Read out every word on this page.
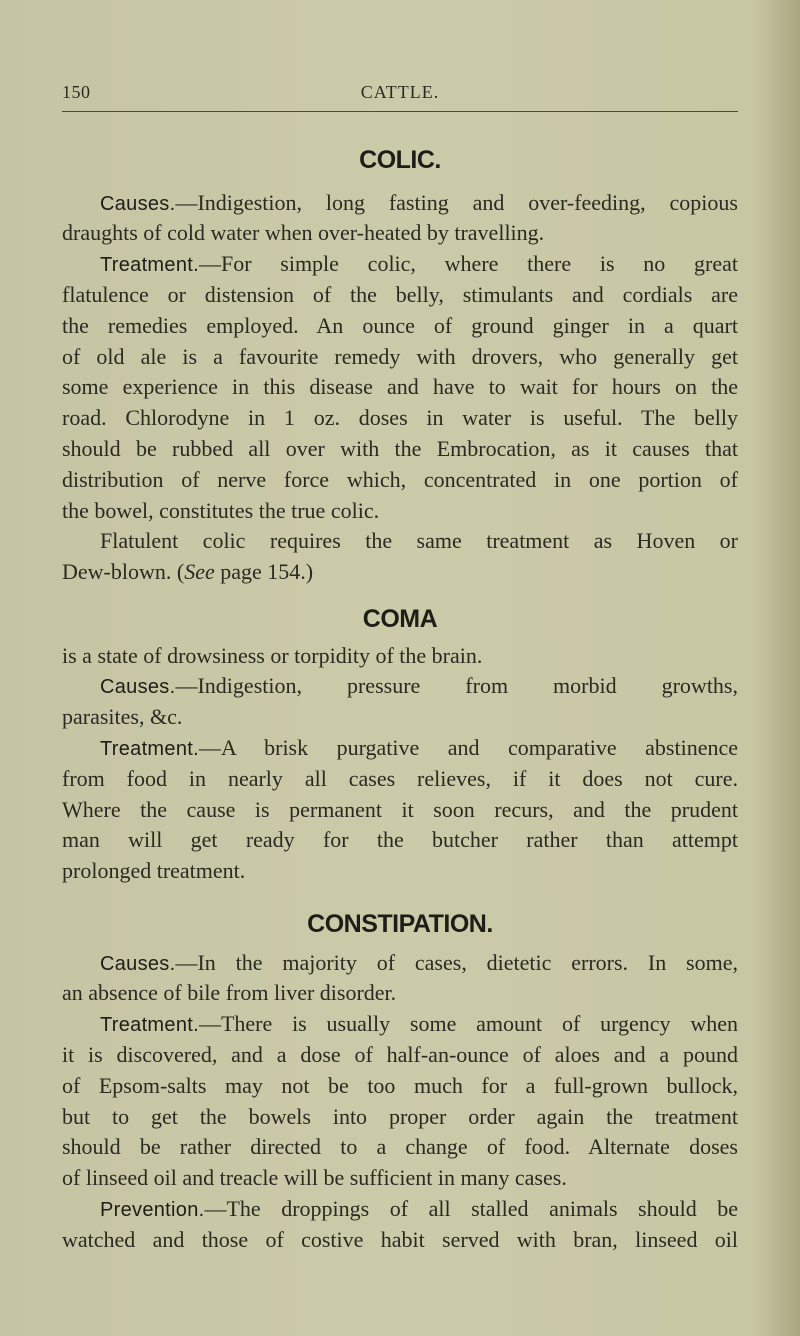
150	CATTLE.
COLIC.
Causes.—Indigestion, long fasting and over-feeding, copious
draughts of cold water when over-heated by travelling.
Treatment.—For simple colic, where there is no great
flatulence or distension of the belly, stimulants and cordials are
the remedies employed. An ounce of ground ginger in a quart
of old ale is a favourite remedy with drovers, who generally get
some experience in this disease and have to wait for hours on the
road. Chlorodyne in 1 oz. doses in water is useful. The belly
should be rubbed all over with the Embrocation, as it causes that
distribution of nerve force which, concentrated in one portion of
the bowel, constitutes the true colic.
Flatulent colic requires the same treatment as Hoven or
Dew-blown. (See page 154.)
COMA
is a state of drowsiness or torpidity of the brain.
Causes.—Indigestion, pressure from morbid growths,
parasites, &c.
Treatment.—A brisk purgative and comparative abstinence
from food in nearly all cases relieves, if it does not cure.
Where the cause is permanent it soon recurs, and the prudent
man will get ready for the butcher rather than attempt
prolonged treatment.
CONSTIPATION.
Causes.—In the majority of cases, dietetic errors. In some,
an absence of bile from liver disorder.
Treatment.—There is usually some amount of urgency when
it is discovered, and a dose of half-an-ounce of aloes and a pound
of Epsom-salts may not be too much for a full-grown bullock,
but to get the bowels into proper order again the treatment
should be rather directed to a change of food. Alternate doses
of linseed oil and treacle will be sufficient in many cases.
Prevention.—The droppings of all stalled animals should be
watched and those of costive habit served with bran, linseed oil
